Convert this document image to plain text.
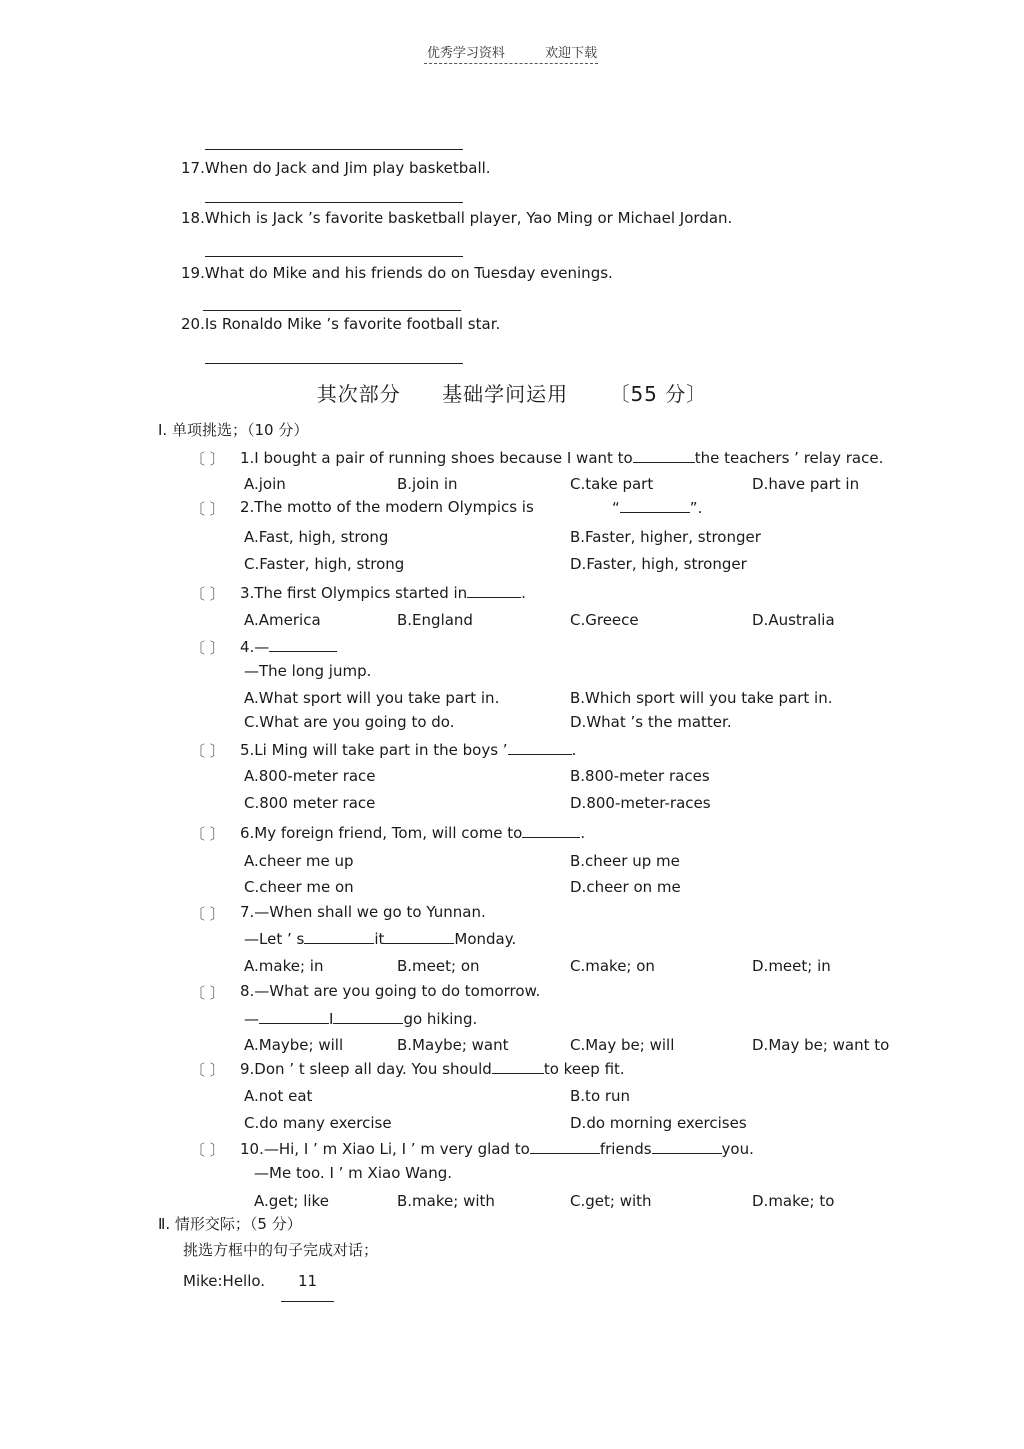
优秀学习资料	欢迎下载
17.When do Jack and Jim play basketball.
18.Which is Jack ’s favorite basketball player, Yao Ming or Michael Jordan.
19.What do Mike and his friends do on Tuesday evenings.
20.Is Ronaldo Mike ’s favorite football star.
其次部分 基础学问运用 〔55 分〕
Ⅰ. 单项挑选；（10 分）
〔 〕 1.I bought a pair of running shoes because I want to	the teachers ’ relay race.
A.join	B.join in	C.take part	D.have part in
〔 〕 2.The motto of the modern Olympics is	“	”.
A.Fast, high, strong	B.Faster, higher, stronger
C.Faster, high, strong	D.Faster, high, stronger
〔 〕 3.The first Olympics started in	.
A.America	B.England	C.Greece	D.Australia
〔 〕 4.—
—The long jump.
A.What sport will you take part in.	B.Which sport will you take part in.
C.What are you going to do.	D.What ’s the matter.
〔 〕 5.Li Ming will take part in the boys ’	.
A.800-meter race	B.800-meter races
C.800 meter race	D.800-meter-races
〔 〕 6.My foreign friend, Tom, will come to	.
A.cheer me up	B.cheer up me
C.cheer me on	D.cheer on me
〔 〕 7.—When shall we go to Yunnan.
—Let ’ s	it	Monday.
A.make; in	B.meet; on	C.make; on	D.meet; in
〔 〕 8.—What are you going to do tomorrow.
—	I	go hiking.
A.Maybe; will	B.Maybe; want	C.May be; will	D.May be; want to
〔 〕 9.Don ’ t sleep all day. You should	to keep fit.
A.not eat	B.to run
C.do many exercise	D.do morning exercises
〔 〕 10.—Hi, I ’ m Xiao Li, I ’ m very glad to	friends	you.
—Me too. I ’ m Xiao Wang.
A.get; like	B.make; with	C.get; with	D.make; to
Ⅱ. 情形交际；（5 分）
挑选方框中的句子完成对话；
Mike:Hello. 11
